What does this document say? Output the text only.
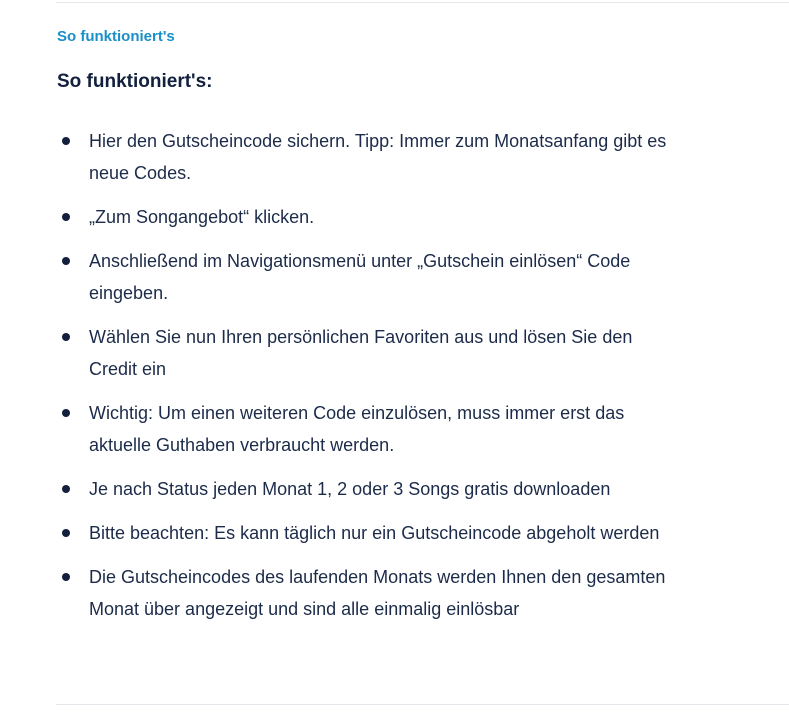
So funktioniert's

So funktioniert's:
Hier den Gutscheincode sichern. Tipp: Immer zum Monatsanfang gibt es neue Codes.
„Zum Songangebot“ klicken.
Anschließend im Navigationsmenü unter „Gutschein einlösen“ Code eingeben.
Wählen Sie nun Ihren persönlichen Favoriten aus und lösen Sie den Credit ein
Wichtig: Um einen weiteren Code einzulösen, muss immer erst das aktuelle Guthaben verbraucht werden.
Je nach Status jeden Monat 1, 2 oder 3 Songs gratis downloaden
Bitte beachten: Es kann täglich nur ein Gutscheincode abgeholt werden
Die Gutscheincodes des laufenden Monats werden Ihnen den gesamten Monat über angezeigt und sind alle einmalig einlösbar
